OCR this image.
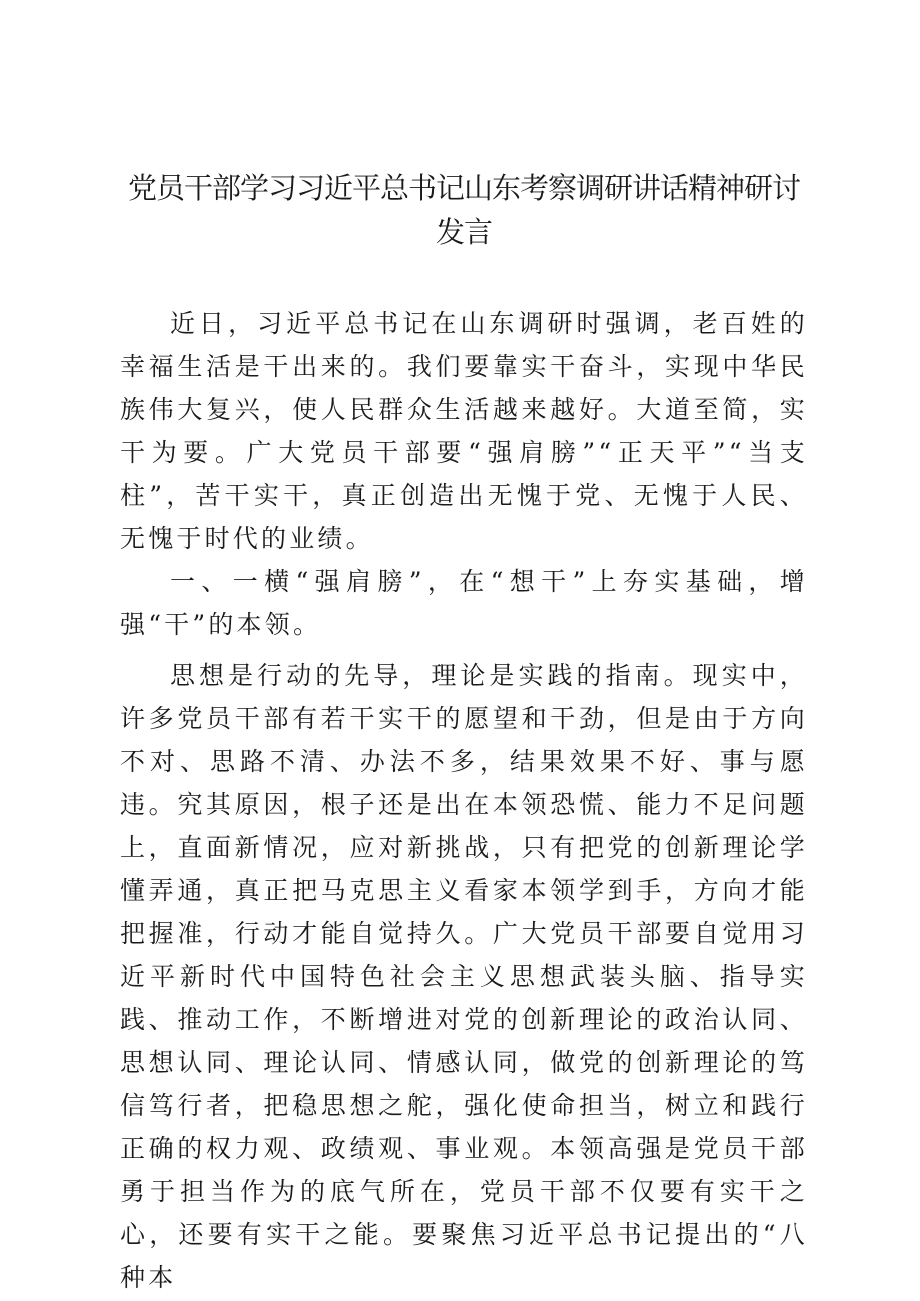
党员干部学习习近平总书记山东考察调研讲话精神研讨
发言

近日，习近平总书记在山东调研时强调，老百姓的幸福生活是干出来的。我们要靠实干奋斗，实现中华民族伟大复兴，使人民群众生活越来越好。大道至简，实干为要。广大党员干部要“强肩膀”“正天平”“当支柱”，苦干实干，真正创造出无愧于党、无愧于人民、无愧于时代的业绩。

一、一横“强肩膀”，在“想干”上夯实基础，增强“干”的本领。

思想是行动的先导，理论是实践的指南。现实中，许多党员干部有若干实干的愿望和干劲，但是由于方向不对、思路不清、办法不多，结果效果不好、事与愿违。究其原因，根子还是出在本领恐慌、能力不足问题上，直面新情况，应对新挑战，只有把党的创新理论学懂弄通，真正把马克思主义看家本领学到手，方向才能把握准，行动才能自觉持久。广大党员干部要自觉用习近平新时代中国特色社会主义思想武装头脑、指导实践、推动工作，不断增进对党的创新理论的政治认同、思想认同、理论认同、情感认同，做党的创新理论的笃信笃行者，把稳思想之舵，强化使命担当，树立和践行正确的权力观、政绩观、事业观。本领高强是党员干部勇于担当作为的底气所在，党员干部不仅要有实干之心，还要有实干之能。要聚焦习近平总书记提出的“八种本
